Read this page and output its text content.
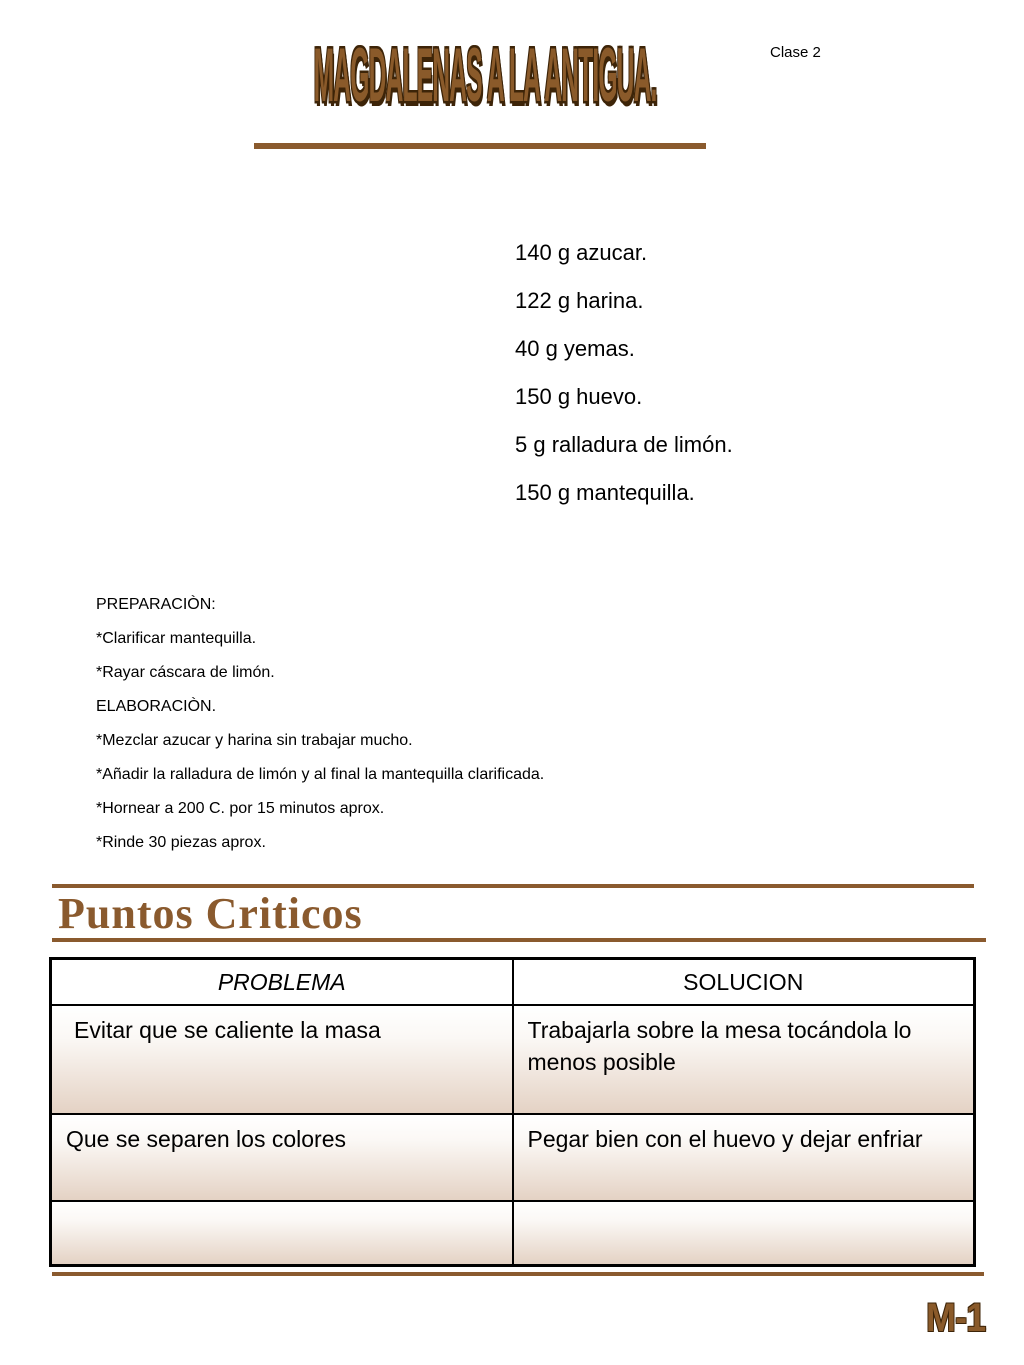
MAGDALENAS A LA ANTIGUA.	Clase 2
140 g azucar.
122 g harina.
40 g yemas.
150 g huevo.
5 g ralladura de limón.
150 g mantequilla.
PREPARACIÒN:
*Clarificar mantequilla.
*Rayar cáscara de limón.
ELABORACIÒN.
*Mezclar azucar y harina sin trabajar mucho.
*Añadir la ralladura de limón y al final la mantequilla clarificada.
*Hornear a 200 C. por 15 minutos aprox.
*Rinde 30 piezas aprox.
Puntos Criticos
PROBLEMA	SOLUCION

Evitar que se caliente la masa	Trabajarla sobre la mesa tocándola lo menos posible

Que se separen los colores	Pegar bien con el huevo y dejar enfriar

M-1
